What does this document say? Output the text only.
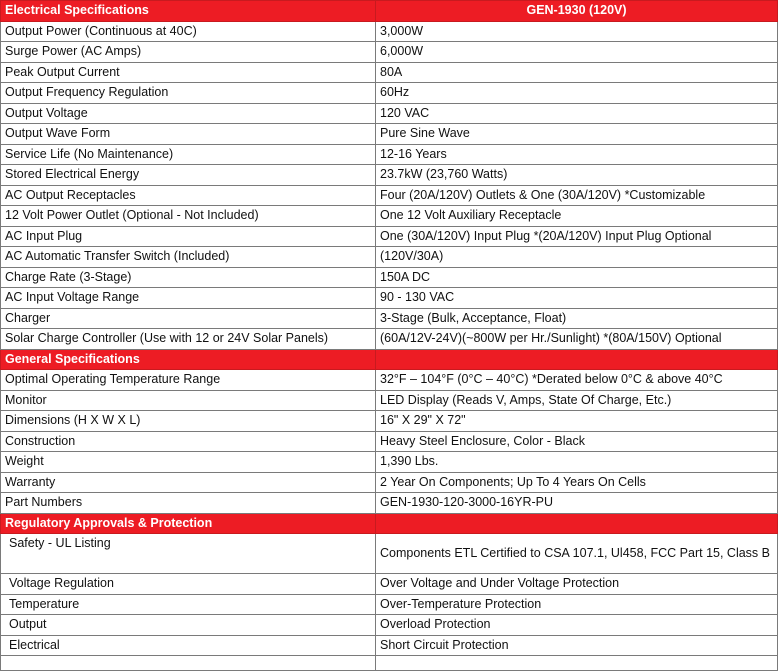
Electrical Specifications	GEN-1930 (120V)
Output Power (Continuous at 40C)	3,000W
Surge Power (AC Amps)	6,000W
Peak Output Current	80A
Output Frequency Regulation	60Hz
Output Voltage	120 VAC
Output Wave Form	Pure Sine Wave
Service Life (No Maintenance)	12-16 Years
Stored Electrical Energy	23.7kW (23,760 Watts)
AC Output Receptacles	Four (20A/120V) Outlets & One (30A/120V) *Customizable
12 Volt Power Outlet (Optional - Not Included)	One 12 Volt Auxiliary Receptacle
AC Input Plug	One (30A/120V) Input Plug *(20A/120V) Input Plug Optional
AC Automatic Transfer Switch (Included)	(120V/30A)
Charge Rate (3-Stage)	150A DC
AC Input Voltage Range	90 - 130 VAC
Charger	3-Stage (Bulk, Acceptance, Float)
Solar Charge Controller (Use with 12 or 24V Solar Panels)	(60A/12V-24V)(~800W per Hr./Sunlight) *(80A/150V) Optional
General Specifications	
Optimal Operating Temperature Range	32°F – 104°F (0°C – 40°C) *Derated below 0°C & above 40°C
Monitor	LED Display (Reads V, Amps, State Of Charge, Etc.)
Dimensions (H X W X L)	16" X 29" X 72"
Construction	Heavy Steel Enclosure, Color - Black
Weight	1,390 Lbs.
Warranty	2 Year On Components; Up To 4 Years On Cells
Part Numbers	GEN-1930-120-3000-16YR-PU
Regulatory Approvals & Protection	
Safety - UL Listing	Components ETL Certified to CSA 107.1, Ul458, FCC Part 15, Class B
Voltage Regulation	Over Voltage and Under Voltage Protection
Temperature	Over-Temperature Protection
Output	Overload Protection
Electrical	Short Circuit Protection
